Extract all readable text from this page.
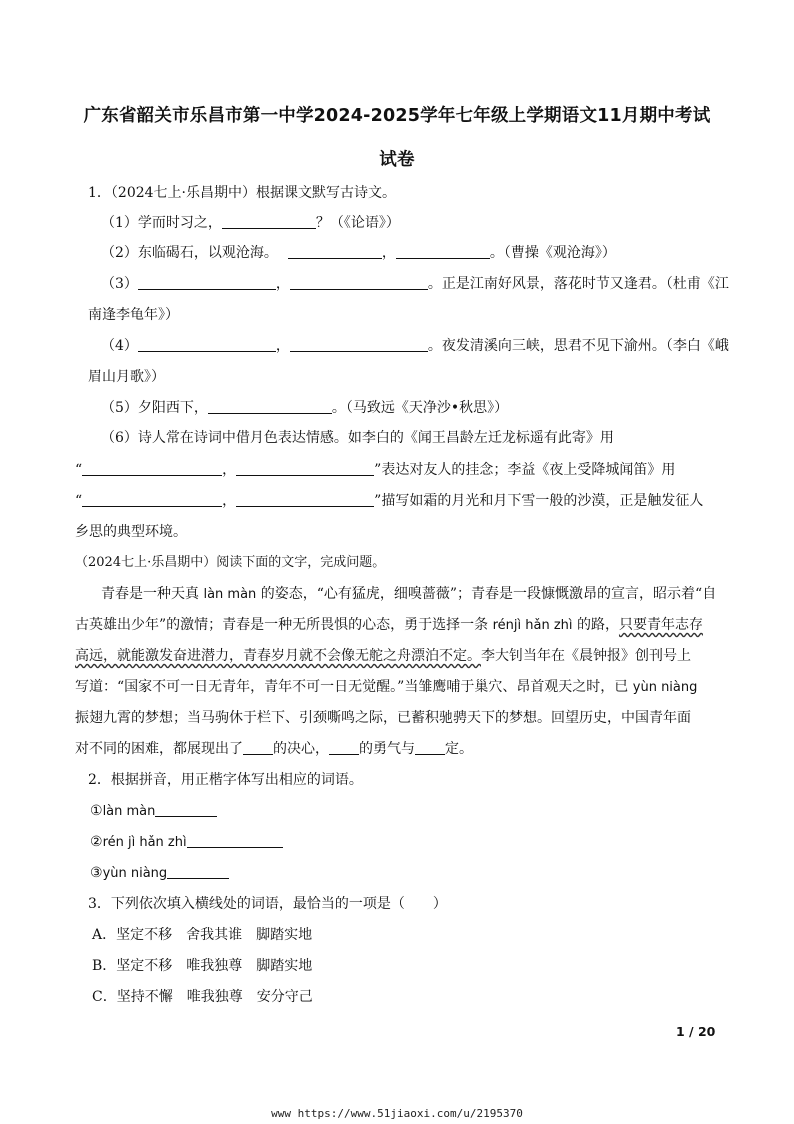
广东省韶关市乐昌市第一中学2024-2025学年七年级上学期语文11月期中考试
试卷
1．（2024七上·乐昌期中）根据课文默写古诗文。
（1）学而时习之，	？（《论语》）
（2）东临碣石，以观沧海。	，	。（曹操《观沧海》）
（3）	，	。正是江南好风景，落花时节又逢君。（杜甫《江
南逢李龟年》）
（4）	，	。夜发清溪向三峡，思君不见下渝州。（李白《峨
眉山月歌》）
（5）夕阳西下，	。（马致远《天净沙•秋思》）
（6）诗人常在诗词中借月色表达情感。如李白的《闻王昌龄左迁龙标遥有此寄》用
“	，	”表达对友人的挂念；李益《夜上受降城闻笛》用
“	，	”描写如霜的月光和月下雪一般的沙漠，正是触发征人
乡思的典型环境。
（2024七上·乐昌期中）阅读下面的文字，完成问题。
青春是一种天真 làn màn 的姿态，“心有猛虎，细嗅蔷薇”；青春是一段慷慨激昂的宣言，昭示着“自
古英雄出少年”的激情；青春是一种无所畏惧的心态，勇于选择一条 rénjì hǎn zhì 的路，只要青年志存
高远，就能激发奋进潜力，青春岁月就不会像无舵之舟漂泊不定。李大钊当年在《晨钟报》创刊号上
写道：“国家不可一日无青年，青年不可一日无觉醒。”当雏鹰哺于巢穴、昂首观天之时，已 yùn niàng
振翅九霄的梦想；当马驹休于栏下、引颈嘶鸣之际，已蓄积驰骋天下的梦想。回望历史，中国青年面
对不同的困难，都展现出了 的决心， 的勇气与 定。
2．根据拼音，用正楷字体写出相应的词语。
①làn màn
②rén jì hǎn zhì
③yùn niàng
3．下列依次填入横线处的词语，最恰当的一项是（　　）
A．坚定不移　舍我其谁　脚踏实地
B．坚定不移　唯我独尊　脚踏实地
C．坚持不懈　唯我独尊　安分守己
1 / 20
www https://www.51jiaoxi.com/u/2195370
